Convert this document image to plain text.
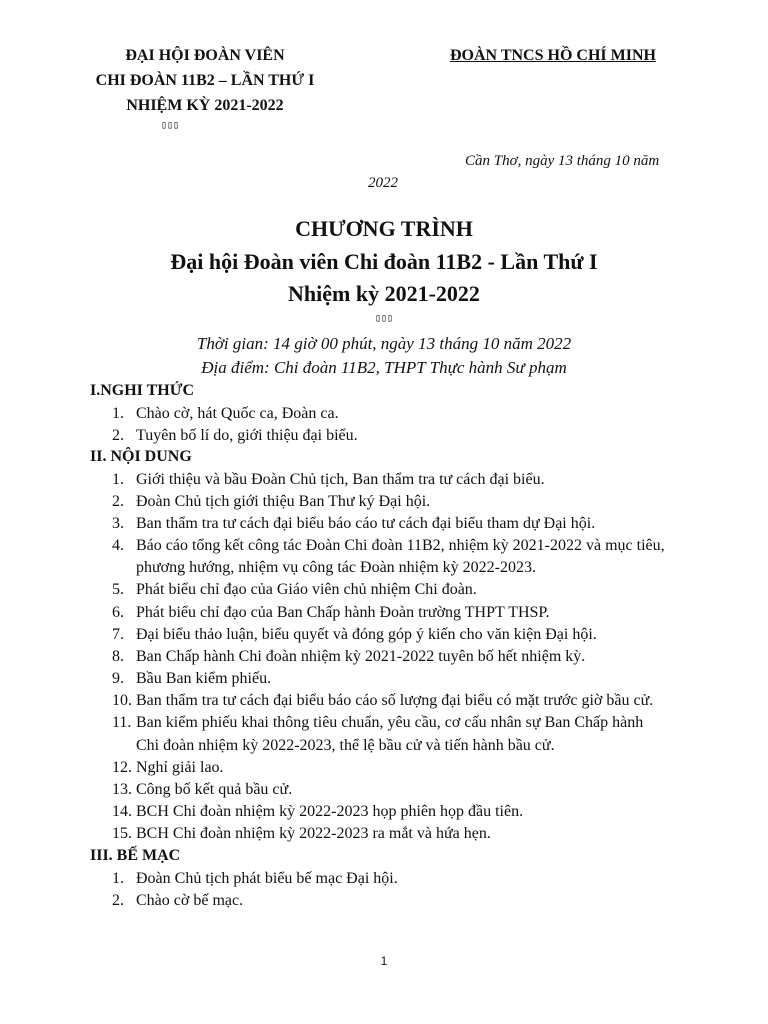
ĐẠI HỘI ĐOÀN VIÊN
CHI ĐOÀN 11B2 – LẦN THỨ I
NHIỆM KỲ 2021-2022
▯▯▯
ĐOÀN TNCS HỒ CHÍ MINH
Cần Thơ, ngày 13 tháng 10 năm
2022
CHƯƠNG TRÌNH
Đại hội Đoàn viên Chi đoàn 11B2 - Lần Thứ I
Nhiệm kỳ 2021-2022
▯▯▯
Thời gian: 14 giờ 00 phút, ngày 13 tháng 10 năm 2022
Địa điểm: Chi đoàn 11B2, THPT Thực hành Sư phạm
I.NGHI THỨC
1. Chào cờ, hát Quốc ca, Đoàn ca.
2. Tuyên bố lí do, giới thiệu đại biểu.
II. NỘI DUNG
1. Giới thiệu và bầu Đoàn Chủ tịch, Ban thẩm tra tư cách đại biểu.
2. Đoàn Chủ tịch giới thiệu Ban Thư ký Đại hội.
3. Ban thẩm tra tư cách đại biểu báo cáo tư cách đại biểu tham dự Đại hội.
4. Báo cáo tổng kết công tác Đoàn Chi đoàn 11B2, nhiệm kỳ 2021-2022 và mục tiêu,
phương hướng, nhiệm vụ công tác Đoàn nhiệm kỳ 2022-2023.
5. Phát biểu chỉ đạo của Giáo viên chủ nhiệm Chi đoàn.
6. Phát biểu chỉ đạo của Ban Chấp hành Đoàn trường THPT THSP.
7. Đại biểu thảo luận, biểu quyết và đóng góp ý kiến cho văn kiện Đại hội.
8. Ban Chấp hành Chi đoàn nhiệm kỳ 2021-2022 tuyên bố hết nhiệm kỳ.
9. Bầu Ban kiểm phiếu.
10. Ban thẩm tra tư cách đại biểu báo cáo số lượng đại biểu có mặt trước giờ bầu cử.
11. Ban kiểm phiếu khai thông tiêu chuẩn, yêu cầu, cơ cấu nhân sự Ban Chấp hành
Chi đoàn nhiệm kỳ 2022-2023, thể lệ bầu cử và tiến hành bầu cử.
12. Nghỉ giải lao.
13. Công bố kết quả bầu cử.
14. BCH Chi đoàn nhiệm kỳ 2022-2023 họp phiên họp đầu tiên.
15. BCH Chi đoàn nhiệm kỳ 2022-2023 ra mắt và hứa hẹn.
III. BẾ MẠC
1. Đoàn Chủ tịch phát biểu bế mạc Đại hội.
2. Chào cờ bế mạc.
1
